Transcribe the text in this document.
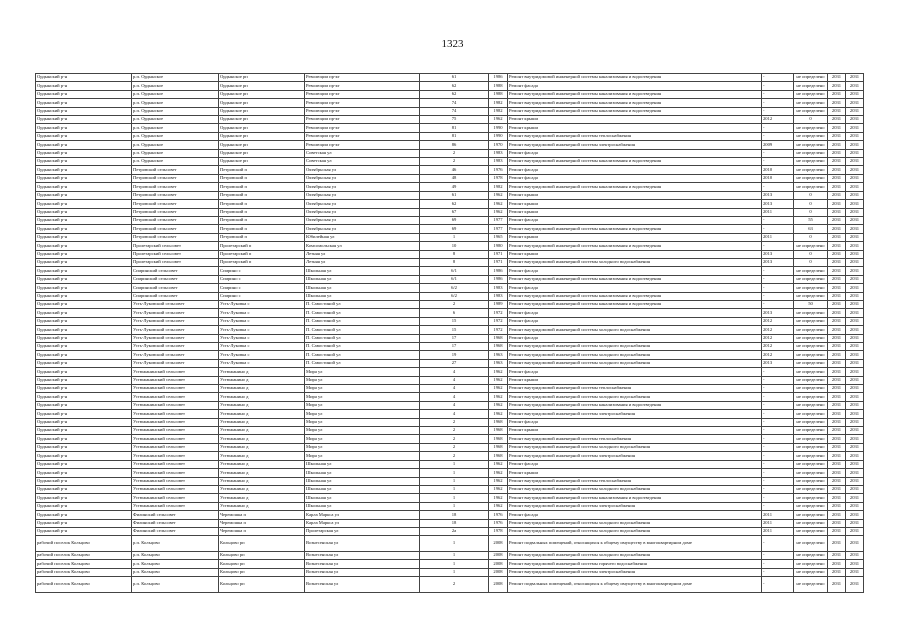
1323
Ордынский р-н	р.п. Ордынское	Ордынское рп	Революции пр-кт	61	1986	Ремонт внутридомовой инженерной системы канализования и водоотведения	-	не определено	2031	2031
Ордынский р-н	р.п. Ордынское	Ордынское рп	Революции пр-кт	62	1988	Ремонт фасада	-	не определено	2031	2031
Ордынский р-н	р.п. Ордынское	Ордынское рп	Революции пр-кт	62	1988	Ремонт внутридомовой инженерной системы канализования и водоотведения	-	не определено	2031	2031
Ордынский р-н	р.п. Ордынское	Ордынское рп	Революции пр-кт	74	1982	Ремонт внутридомовой инженерной системы канализования и водоотведения	-	не определено	2031	2031
Ордынский р-н	р.п. Ордынское	Ордынское рп	Революции пр-кт	74	1982	Ремонт внутридомовой инженерной системы канализования и водоотведения	-	не определено	2031	2031
Ордынский р-н	р.п. Ордынское	Ордынское рп	Революции пр-кт	75	1962	Ремонт крыши	2012	0	2031	2031
Ордынский р-н	р.п. Ордынское	Ордынское рп	Революции пр-кт	81	1990	Ремонт крыши	-	не определено	2031	2031
Ордынский р-н	р.п. Ордынское	Ордынское рп	Революции пр-кт	81	1990	Ремонт внутридомовой инженерной системы теплоснабжения	-	не определено	2031	2031
Ордынский р-н	р.п. Ордынское	Ордынское рп	Революции пр-кт	86	1970	Ремонт внутридомовой инженерной системы электроснабжения	2009	не определено	2031	2031
Ордынский р-н	р.п. Ордынское	Ордынское рп	Советская ул	2	1983	Ремонт фасада	-	не определено	2031	2031
Ордынский р-н	р.п. Ордынское	Ордынское рп	Советская ул	2	1983	Ремонт внутридомовой инженерной системы канализования и водоотведения	-	не определено	2031	2031
Ордынский р-н	Петровский сельсовет	Петровский п	Октябрьская ул	46	1976	Ремонт фасада	2010	не определено	2031	2031
Ордынский р-н	Петровский сельсовет	Петровский п	Октябрьская ул	48	1978	Ремонт фасада	2010	не определено	2031	2031
Ордынский р-н	Петровский сельсовет	Петровский п	Октябрьская ул	49	1982	Ремонт внутридомовой инженерной системы канализования и водоотведения	-	не определено	2031	2031
Ордынский р-н	Петровский сельсовет	Петровский п	Октябрьская ул	61	1962	Ремонт крыши	2013	0	2031	2031
Ордынский р-н	Петровский сельсовет	Петровский п	Октябрьская ул	62	1962	Ремонт крыши	2013	0	2031	2031
Ордынский р-н	Петровский сельсовет	Петровский п	Октябрьская ул	67	1962	Ремонт крыши	2011	0	2031	2031
Ордынский р-н	Петровский сельсовет	Петровский п	Октябрьская ул	69	1977	Ремонт фасада	-	55	2031	2031
Ордынский р-н	Петровский сельсовет	Петровский п	Октябрьская ул	69	1977	Ремонт внутридомовой инженерной системы канализования и водоотведения	-	63	2031	2031
Ордынский р-н	Петровский сельсовет	Петровский п	Юбилейная ул	1	1965	Ремонт крыши	2011	0	2031	2031
Ордынский р-н	Пролетарский сельсовет	Пролетарский п	Комсомольская ул	10	1980	Ремонт внутридомовой инженерной системы канализования и водоотведения	-	не определено	2031	2031
Ордынский р-н	Пролетарский сельсовет	Пролетарский п	Летняя ул	8	1971	Ремонт крыши	2013	0	2031	2031
Ордынский р-н	Пролетарский сельсовет	Пролетарский п	Летняя ул	8	1971	Ремонт внутридомовой инженерной системы холодного водоснабжения	2013	0	2031	2031
Ордынский р-н	Спиринский сельсовет	Спирино с	Школьная ул	6/1	1986	Ремонт фасада	-	не определено	2031	2031
Ордынский р-н	Спиринский сельсовет	Спирино с	Школьная ул	6/1	1986	Ремонт внутридомовой инженерной системы канализования и водоотведения	-	не определено	2031	2031
Ордынский р-н	Спиринский сельсовет	Спирино с	Школьная ул	6/2	1983	Ремонт фасада	-	не определено	2031	2031
Ордынский р-н	Спиринский сельсовет	Спирино с	Школьная ул	6/2	1983	Ремонт внутридомовой инженерной системы канализования и водоотведения	-	не определено	2031	2031
Ордынский р-н	Усть-Луковский сельсовет	Усть-Луковка с	П. Савостиной ул	2	1989	Ремонт внутридомовой инженерной системы канализования и водоотведения	-	50	2031	2031
Ордынский р-н	Усть-Луковский сельсовет	Усть-Луковка с	П. Савостиной ул	6	1972	Ремонт фасада	2013	не определено	2031	2031
Ордынский р-н	Усть-Луковский сельсовет	Усть-Луковка с	П. Савостиной ул	15	1972	Ремонт фасада	2012	не определено	2031	2031
Ордынский р-н	Усть-Луковский сельсовет	Усть-Луковка с	П. Савостиной ул	15	1972	Ремонт внутридомовой инженерной системы холодного водоснабжения	2012	не определено	2031	2031
Ордынский р-н	Усть-Луковский сельсовет	Усть-Луковка с	П. Савостиной ул	17	1968	Ремонт фасада	2012	не определено	2031	2031
Ордынский р-н	Усть-Луковский сельсовет	Усть-Луковка с	П. Савостиной ул	17	1968	Ремонт внутридомовой инженерной системы холодного водоснабжения	2012	не определено	2031	2031
Ордынский р-н	Усть-Луковский сельсовет	Усть-Луковка с	П. Савостиной ул	19	1963	Ремонт внутридомовой инженерной системы холодного водоснабжения	2012	не определено	2031	2031
Ордынский р-н	Усть-Луковский сельсовет	Усть-Луковка с	П. Савостиной ул	27	1963	Ремонт внутридомовой инженерной системы холодного водоснабжения	2013	не определено	2031	2031
Ордынский р-н	Устюжанинский сельсовет	Устюжанино д	Мира ул	4	1962	Ремонт фасада	-	не определено	2031	2031
Ордынский р-н	Устюжанинский сельсовет	Устюжанино д	Мира ул	4	1962	Ремонт крыши	-	не определено	2031	2031
Ордынский р-н	Устюжанинский сельсовет	Устюжанино д	Мира ул	4	1962	Ремонт внутридомовой инженерной системы теплоснабжения	-	не определено	2031	2031
Ордынский р-н	Устюжанинский сельсовет	Устюжанино д	Мира ул	4	1962	Ремонт внутридомовой инженерной системы холодного водоснабжения	-	не определено	2031	2031
Ордынский р-н	Устюжанинский сельсовет	Устюжанино д	Мира ул	4	1962	Ремонт внутридомовой инженерной системы канализования и водоотведения	-	не определено	2031	2031
Ордынский р-н	Устюжанинский сельсовет	Устюжанино д	Мира ул	4	1962	Ремонт внутридомовой инженерной системы электроснабжения	-	не определено	2031	2031
Ордынский р-н	Устюжанинский сельсовет	Устюжанино д	Мира ул	2	1968	Ремонт фасада	-	не определено	2031	2031
Ордынский р-н	Устюжанинский сельсовет	Устюжанино д	Мира ул	2	1968	Ремонт крыши	-	не определено	2031	2031
Ордынский р-н	Устюжанинский сельсовет	Устюжанино д	Мира ул	2	1968	Ремонт внутридомовой инженерной системы теплоснабжения	-	не определено	2031	2031
Ордынский р-н	Устюжанинский сельсовет	Устюжанино д	Мира ул	2	1968	Ремонт внутридомовой инженерной системы холодного водоснабжения	-	не определено	2031	2031
Ордынский р-н	Устюжанинский сельсовет	Устюжанино д	Мира ул	2	1968	Ремонт внутридомовой инженерной системы электроснабжения	-	не определено	2031	2031
Ордынский р-н	Устюжанинский сельсовет	Устюжанино д	Школьная ул	1	1962	Ремонт фасада	-	не определено	2031	2031
Ордынский р-н	Устюжанинский сельсовет	Устюжанино д	Школьная ул	1	1962	Ремонт крыши	-	не определено	2031	2031
Ордынский р-н	Устюжанинский сельсовет	Устюжанино д	Школьная ул	1	1962	Ремонт внутридомовой инженерной системы теплоснабжения	-	не определено	2031	2031
Ордынский р-н	Устюжанинский сельсовет	Устюжанино д	Школьная ул	1	1962	Ремонт внутридомовой инженерной системы холодного водоснабжения	-	не определено	2031	2031
Ордынский р-н	Устюжанинский сельсовет	Устюжанино д	Школьная ул	1	1962	Ремонт внутридомовой инженерной системы канализования и водоотведения	-	не определено	2031	2031
Ордынский р-н	Устюжанинский сельсовет	Устюжанино д	Школьная ул	1	1962	Ремонт внутридомовой инженерной системы электроснабжения	-	не определено	2031	2031
Ордынский р-н	Филинский сельсовет	Черемошка п	Карла Маркса ул	18	1976	Ремонт фасада	2011	не определено	2031	2031
Ордынский р-н	Филинский сельсовет	Черемошка п	Карла Маркса ул	18	1976	Ремонт внутридомовой инженерной системы холодного водоснабжения	2011	не определено	2031	2031
Ордынский р-н	Филинский сельсовет	Черемошка п	Пролетарская ул	2а	1978	Ремонт внутридомовой инженерной системы холодного водоснабжения	2011	не определено	2031	2031
рабочий поселок Кольцово	р.п. Кольцово	Кольцово рп	Вознесенская ул	1	2008	Ремонт подвальных помещений, относящихся к общему имуществу в многоквартирном доме	-	не определено	2031	2031
рабочий поселок Кольцово	р.п. Кольцово	Кольцово рп	Вознесенская ул	1	2008	Ремонт внутридомовой инженерной системы холодного водоснабжения	-	не определено	2031	2031
рабочий поселок Кольцово	р.п. Кольцово	Кольцово рп	Вознесенская ул	1	2008	Ремонт внутридомовой инженерной системы горячего водоснабжения	-	не определено	2031	2031
рабочий поселок Кольцово	р.п. Кольцово	Кольцово рп	Вознесенская ул	1	2008	Ремонт внутридомовой инженерной системы электроснабжения	-	не определено	2031	2031
рабочий поселок Кольцово	р.п. Кольцово	Кольцово рп	Вознесенская ул	2	2008	Ремонт подвальных помещений, относящихся к общему имуществу в многоквартирном доме	-	не определено	2031	2031
